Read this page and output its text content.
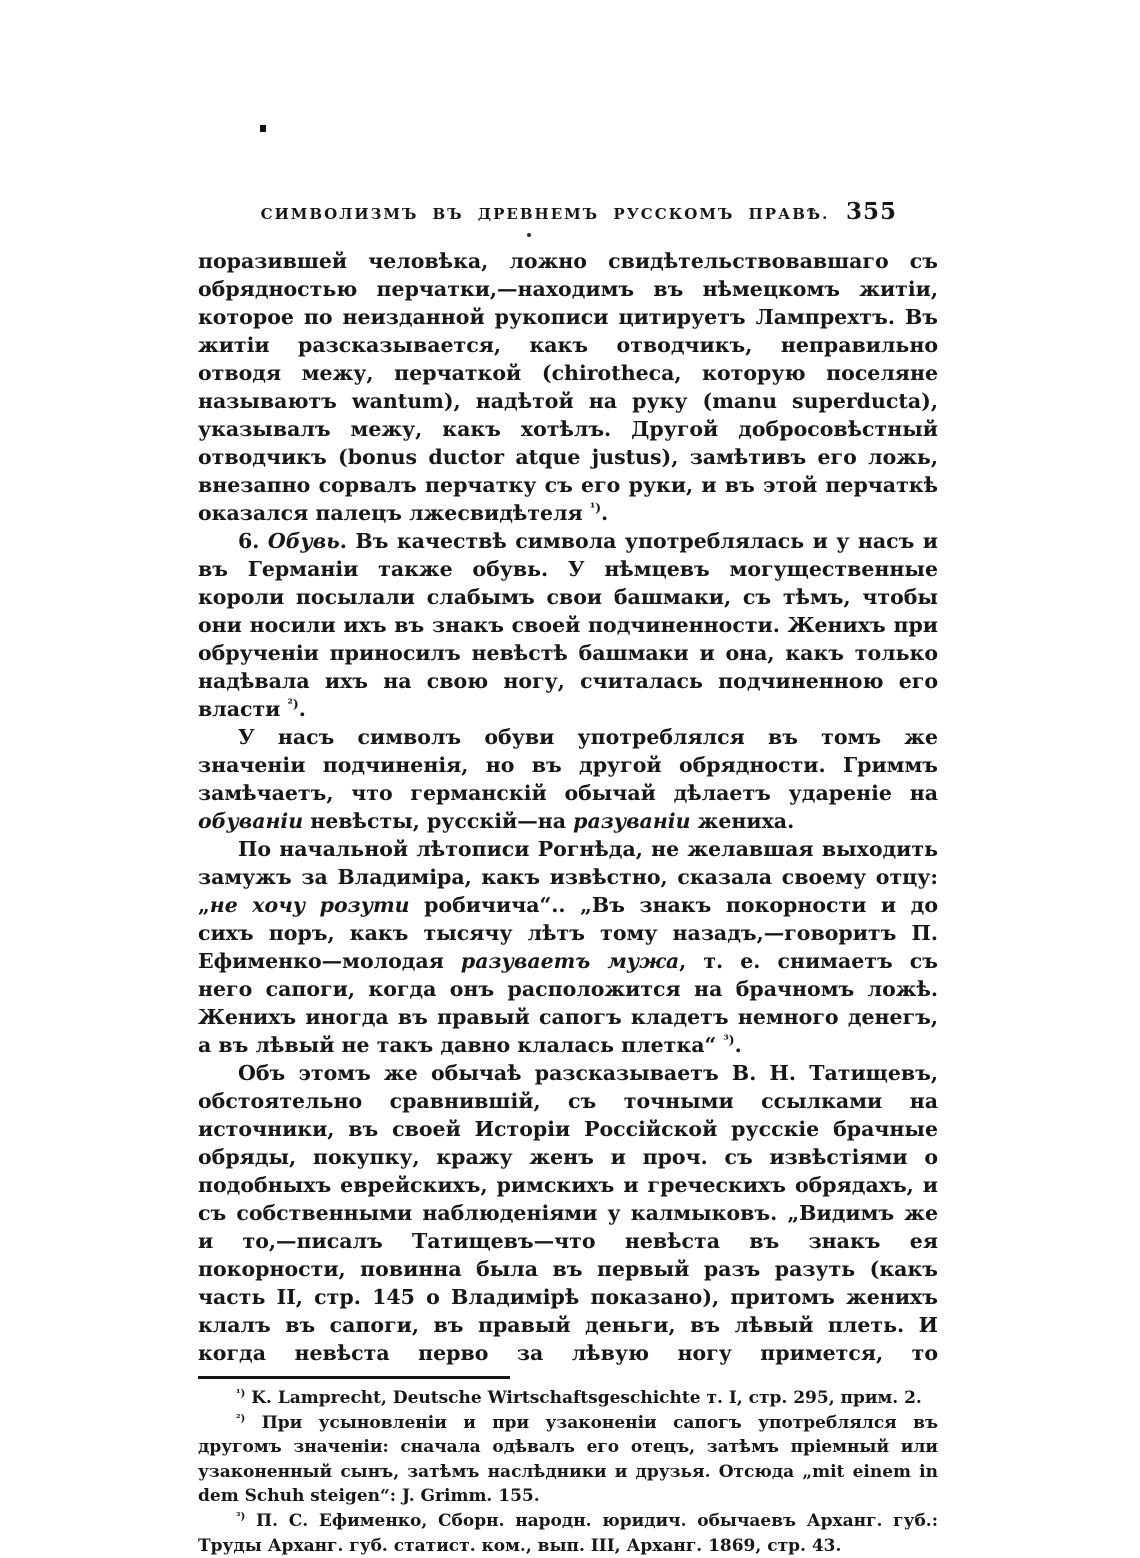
СИМВОЛИЗМЪ ВЪ ДРЕВНЕМЪ РУССКОМЪ ПРАВѢ. 355

поразившей человѣка, ложно свидѣтельствовавшаго съ обрядностью перчатки,—находимъ въ нѣмецкомъ житіи, которое по неизданной рукописи цитируетъ Лампрехтъ. Въ житіи разсказывается, какъ отводчикъ, неправильно отводя межу, перчаткой (chirotheca, которую поселяне называютъ wantum), надѣтой на руку (manu superducta), указывалъ межу, какъ хотѣлъ. Другой добросовѣстный отводчикъ (bonus ductor atque justus), замѣтивъ его ложь, внезапно сорвалъ перчатку съ его руки, и въ этой перчаткѣ оказался палецъ лжесвидѣтеля $^{^1)}$.

6. Обувь. Въ качествѣ символа употреблялась и у насъ и въ Германіи также обувь. У нѣмцевъ могущественные короли посылали слабымъ свои башмаки, съ тѣмъ, чтобы они носили ихъ въ знакъ своей подчиненности. Женихъ при обрученіи приносилъ невѣстѣ башмаки и она, какъ только надѣвала ихъ на свою ногу, считалась подчиненною его власти $^{^2)}$.

У насъ символъ обуви употреблялся въ томъ же значеніи подчиненія, но въ другой обрядности. Гриммъ замѣчаетъ, что германскій обычай дѣлаетъ удареніе на обуваніи невѣсты, русскій—на разуваніи жениха.

По начальной лѣтописи Рогнѣда, не желавшая выходить замужъ за Владиміра, какъ извѣстно, сказала своему отцу: „не хочу розути робичича“.. „Въ знакъ покорности и до сихъ поръ, какъ тысячу лѣтъ тому назадъ,—говоритъ П. Ефименко—молодая разуваетъ мужа, т. е. снимаетъ съ него сапоги, когда онъ расположится на брачномъ ложѣ. Женихъ иногда въ правый сапогъ кладетъ немного денегъ, а въ лѣвый не такъ давно клалась плетка“ $^{^3)}$.

Объ этомъ же обычаѣ разсказываетъ В. Н. Татищевъ, обстоятельно сравнившій, съ точными ссылками на источники, въ своей Исторіи Россійской русскіе брачные обряды, покупку, кражу женъ и проч. съ извѣстіями о подобныхъ еврейскихъ, римскихъ и греческихъ обрядахъ, и съ собственными наблюденіями у калмыковъ. „Видимъ же и то,—писалъ Татищевъ—что невѣста въ знакъ ея покорности, повинна была въ первый разъ разуть (какъ часть II, стр. 145 о Владимірѣ показано), притомъ женихъ клалъ въ сапоги, въ правый деньги, въ лѣвый плеть. И когда невѣста перво за лѣвую ногу примется, то

$^{^1)}$ K. Lamprecht, Deutsche Wirtschaftsgeschichte т. I, стр. 295, прим. 2.

$^{^2)}$ При усыновленіи и при узаконеніи сапогъ употреблялся въ другомъ значеніи: сначала одѣвалъ его отецъ, затѣмъ пріемный или узаконенный сынъ, затѣмъ наслѣдники и друзья. Отсюда „mit einem in dem Schuh steigen“: J. Grimm. 155.

$^{^3)}$ П. С. Ефименко, Сборн. народн. юридич. обычаевъ Арханг. губ.: Труды Арханг. губ. статист. ком., вып. III, Арханг. 1869, стр. 43.
